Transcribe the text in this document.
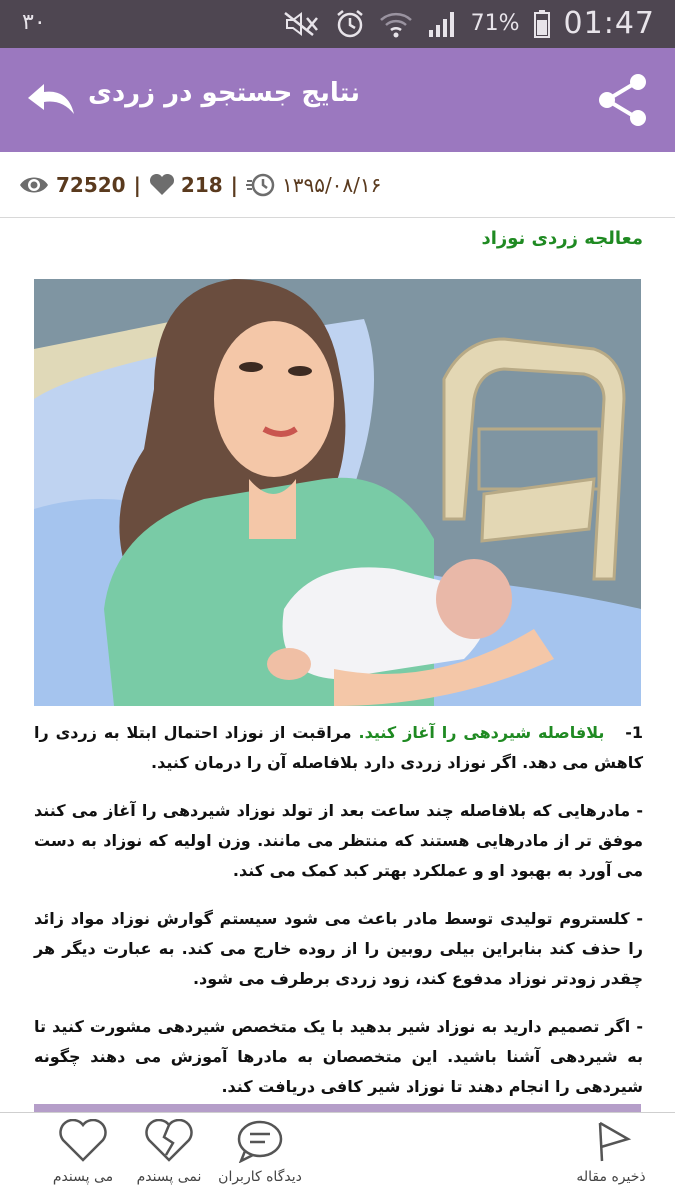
۳۰	71% 01:47
نتایج جستجو در زردی
72520 | 218 | ۱۳۹۵/۰۸/۱۶
معالجه زردی نوزاد

1-   بلافاصله شیردهی را آغاز کنید. مراقبت از نوزاد احتمال ابتلا به زردی را کاهش می دهد. اگر نوزاد زردی دارد بلافاصله آن را درمان کنید.

- مادرهایی که بلافاصله چند ساعت بعد از تولد نوزاد شیردهی را آغاز می کنند موفق تر از مادرهایی هستند که منتظر می مانند. وزن اولیه که نوزاد به دست می آورد به بهبود او و عملکرد بهتر کبد کمک می کند.

- کلستروم تولیدی توسط مادر باعث می شود سیستم گوارش نوزاد مواد زائد را حذف کند بنابراین بیلی روبین را از روده خارج می کند. به عبارت دیگر هر چقدر زودتر نوزاد مدفوع کند، زود زردی برطرف می شود.

- اگر تصمیم دارید به نوزاد شیر بدهید با یک متخصص شیردهی مشورت کنید تا به شیردهی آشنا باشید. این متخصصان به مادرها آموزش می دهند چگونه شیردهی را انجام دهند تا نوزاد شیر کافی دریافت کند.

می پسندم	نمی پسندم	دیدگاه کاربران	ذخیره مقاله
